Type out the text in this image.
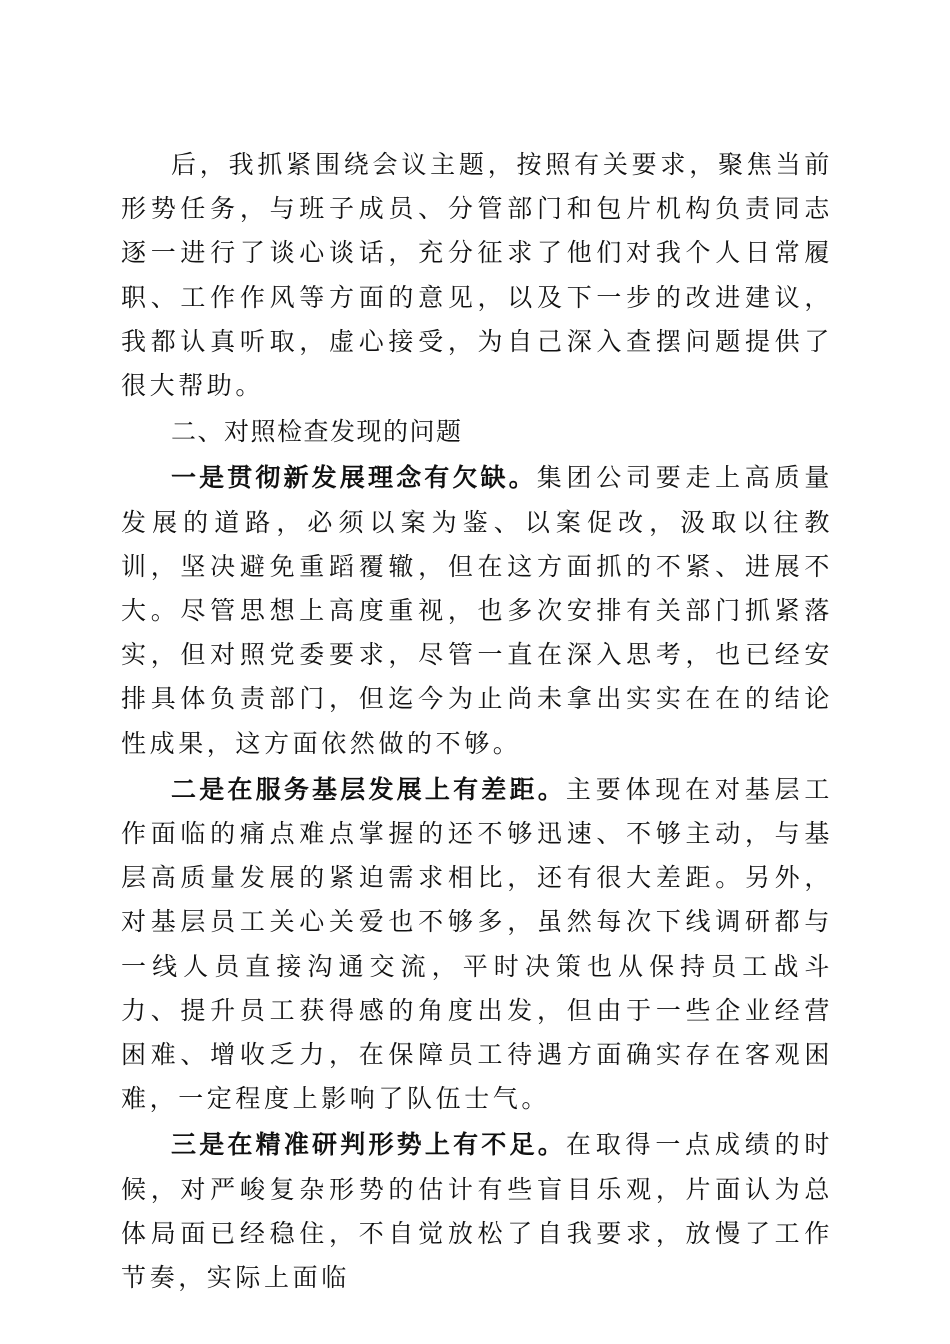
后，我抓紧围绕会议主题，按照有关要求，聚焦当前形势任务，与班子成员、分管部门和包片机构负责同志逐一进行了谈心谈话，充分征求了他们对我个人日常履职、工作作风等方面的意见，以及下一步的改进建议，我都认真听取，虚心接受，为自己深入查摆问题提供了很大帮助。

二、对照检查发现的问题

一是贯彻新发展理念有欠缺。集团公司要走上高质量发展的道路，必须以案为鉴、以案促改，汲取以往教训，坚决避免重蹈覆辙，但在这方面抓的不紧、进展不大。尽管思想上高度重视，也多次安排有关部门抓紧落实，但对照党委要求，尽管一直在深入思考，也已经安排具体负责部门，但迄今为止尚未拿出实实在在的结论性成果，这方面依然做的不够。

二是在服务基层发展上有差距。主要体现在对基层工作面临的痛点难点掌握的还不够迅速、不够主动，与基层高质量发展的紧迫需求相比，还有很大差距。另外，对基层员工关心关爱也不够多，虽然每次下线调研都与一线人员直接沟通交流，平时决策也从保持员工战斗力、提升员工获得感的角度出发，但由于一些企业经营困难、增收乏力，在保障员工待遇方面确实存在客观困难，一定程度上影响了队伍士气。

三是在精准研判形势上有不足。在取得一点成绩的时候，对严峻复杂形势的估计有些盲目乐观，片面认为总体局面已经稳住，不自觉放松了自我要求，放慢了工作节奏，实际上面临
